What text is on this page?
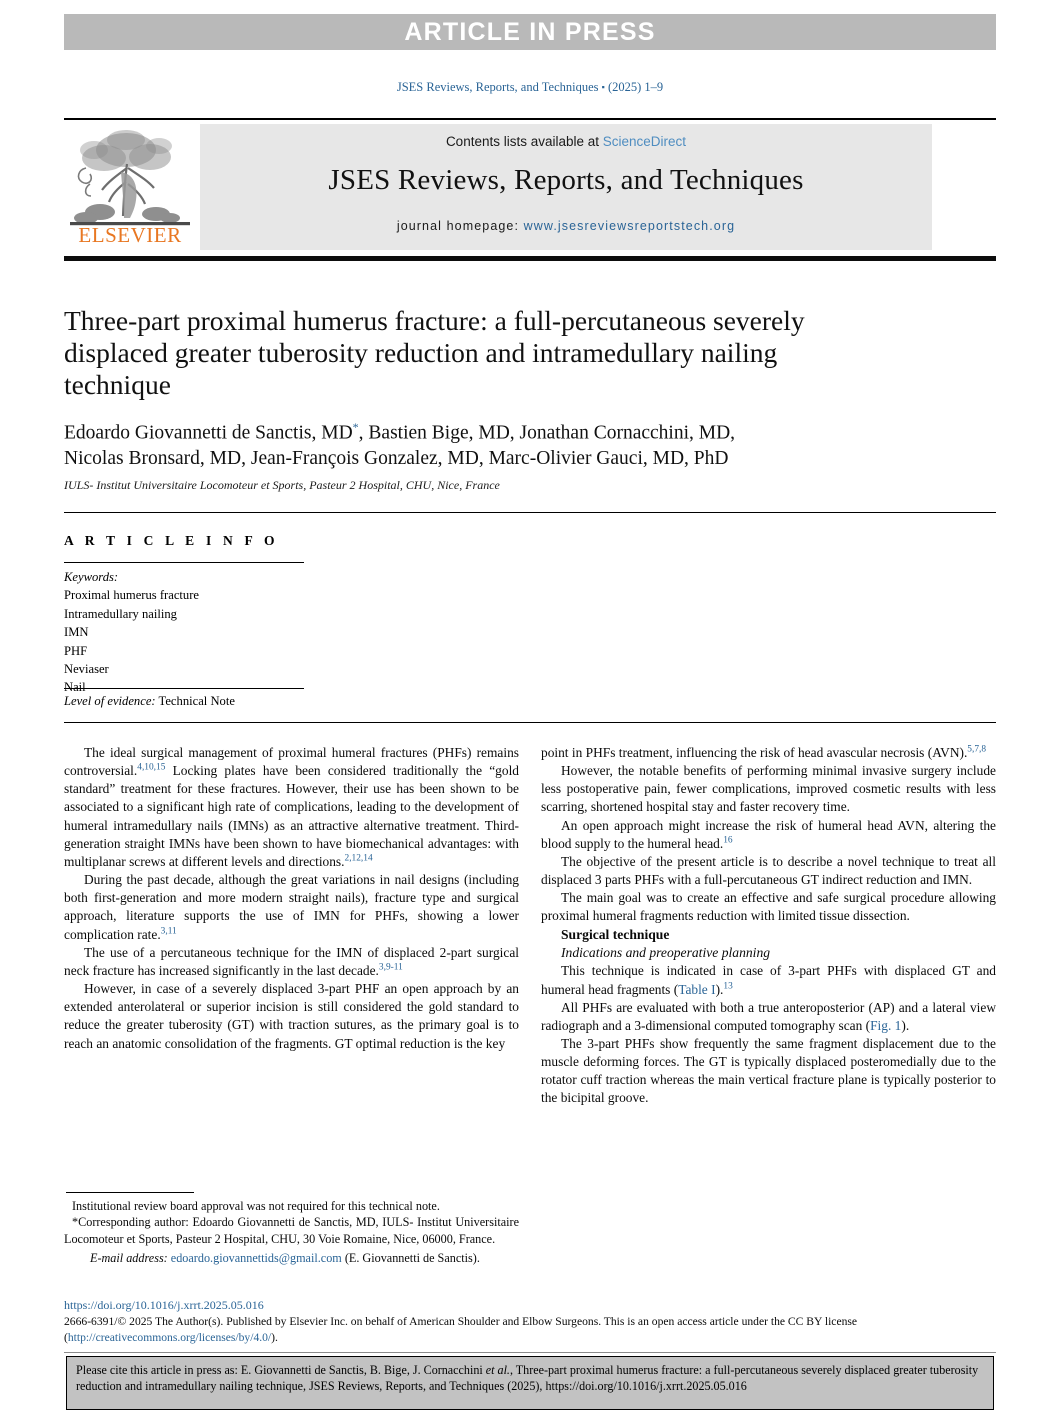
ARTICLE IN PRESS
JSES Reviews, Reports, and Techniques ▪ (2025) 1–9
ELSEVIER
Contents lists available at ScienceDirect
JSES Reviews, Reports, and Techniques
journal homepage: www.jsesreviewsreportstech.org
Three-part proximal humerus fracture: a full-percutaneous severely displaced greater tuberosity reduction and intramedullary nailing technique
Edoardo Giovannetti de Sanctis, MD*, Bastien Bige, MD, Jonathan Cornacchini, MD,
Nicolas Bronsard, MD, Jean-François Gonzalez, MD, Marc-Olivier Gauci, MD, PhD
IULS- Institut Universitaire Locomoteur et Sports, Pasteur 2 Hospital, CHU, Nice, France
A R T I C L E I N F O
Keywords:
Proximal humerus fracture
Intramedullary nailing
IMN
PHF
Neviaser
Nail
Level of evidence: Technical Note

The ideal surgical management of proximal humeral fractures (PHFs) remains controversial.$^{4,10,15}$ Locking plates have been considered traditionally the “gold standard” treatment for these fractures. However, their use has been shown to be associated to a significant high rate of complications, leading to the development of humeral intramedullary nails (IMNs) as an attractive alternative treatment. Third-generation straight IMNs have been shown to have biomechanical advantages: with multiplanar screws at different levels and directions.$^{2,12,14}$

During the past decade, although the great variations in nail designs (including both first-generation and more modern straight nails), fracture type and surgical approach, literature supports the use of IMN for PHFs, showing a lower complication rate.$^{3,11}$

The use of a percutaneous technique for the IMN of displaced 2-part surgical neck fracture has increased significantly in the last decade.$^{3,9-11}$

However, in case of a severely displaced 3-part PHF an open approach by an extended anterolateral or superior incision is still considered the gold standard to reduce the greater tuberosity (GT) with traction sutures, as the primary goal is to reach an anatomic consolidation of the fragments. GT optimal reduction is the key

point in PHFs treatment, influencing the risk of head avascular necrosis (AVN).$^{5,7,8}$

However, the notable benefits of performing minimal invasive surgery include less postoperative pain, fewer complications, improved cosmetic results with less scarring, shortened hospital stay and faster recovery time.

An open approach might increase the risk of humeral head AVN, altering the blood supply to the humeral head.$^{16}$

The objective of the present article is to describe a novel technique to treat all displaced 3 parts PHFs with a full-percutaneous GT indirect reduction and IMN.

The main goal was to create an effective and safe surgical procedure allowing proximal humeral fragments reduction with limited tissue dissection.

Surgical technique

Indications and preoperative planning

This technique is indicated in case of 3-part PHFs with displaced GT and humeral head fragments (Table I).$^{13}$

All PHFs are evaluated with both a true anteroposterior (AP) and a lateral view radiograph and a 3-dimensional computed tomography scan (Fig. 1).

The 3-part PHFs show frequently the same fragment displacement due to the muscle deforming forces. The GT is typically displaced posteromedially due to the rotator cuff traction whereas the main vertical fracture plane is typically posterior to the bicipital groove.

Institutional review board approval was not required for this technical note.

*Corresponding author: Edoardo Giovannetti de Sanctis, MD, IULS- Institut Universitaire Locomoteur et Sports, Pasteur 2 Hospital, CHU, 30 Voie Romaine, Nice, 06000, France.

E-mail address: edoardo.giovannettids@gmail.com (E. Giovannetti de Sanctis).

https://doi.org/10.1016/j.xrrt.2025.05.016
2666-6391/© 2025 The Author(s). Published by Elsevier Inc. on behalf of American Shoulder and Elbow Surgeons. This is an open access article under the CC BY license
(http://creativecommons.org/licenses/by/4.0/).
Please cite this article in press as: E. Giovannetti de Sanctis, B. Bige, J. Cornacchini et al., Three-part proximal humerus fracture: a full-percutaneous severely displaced greater tuberosity reduction and intramedullary nailing technique, JSES Reviews, Reports, and Techniques (2025), https://doi.org/10.1016/j.xrrt.2025.05.016
